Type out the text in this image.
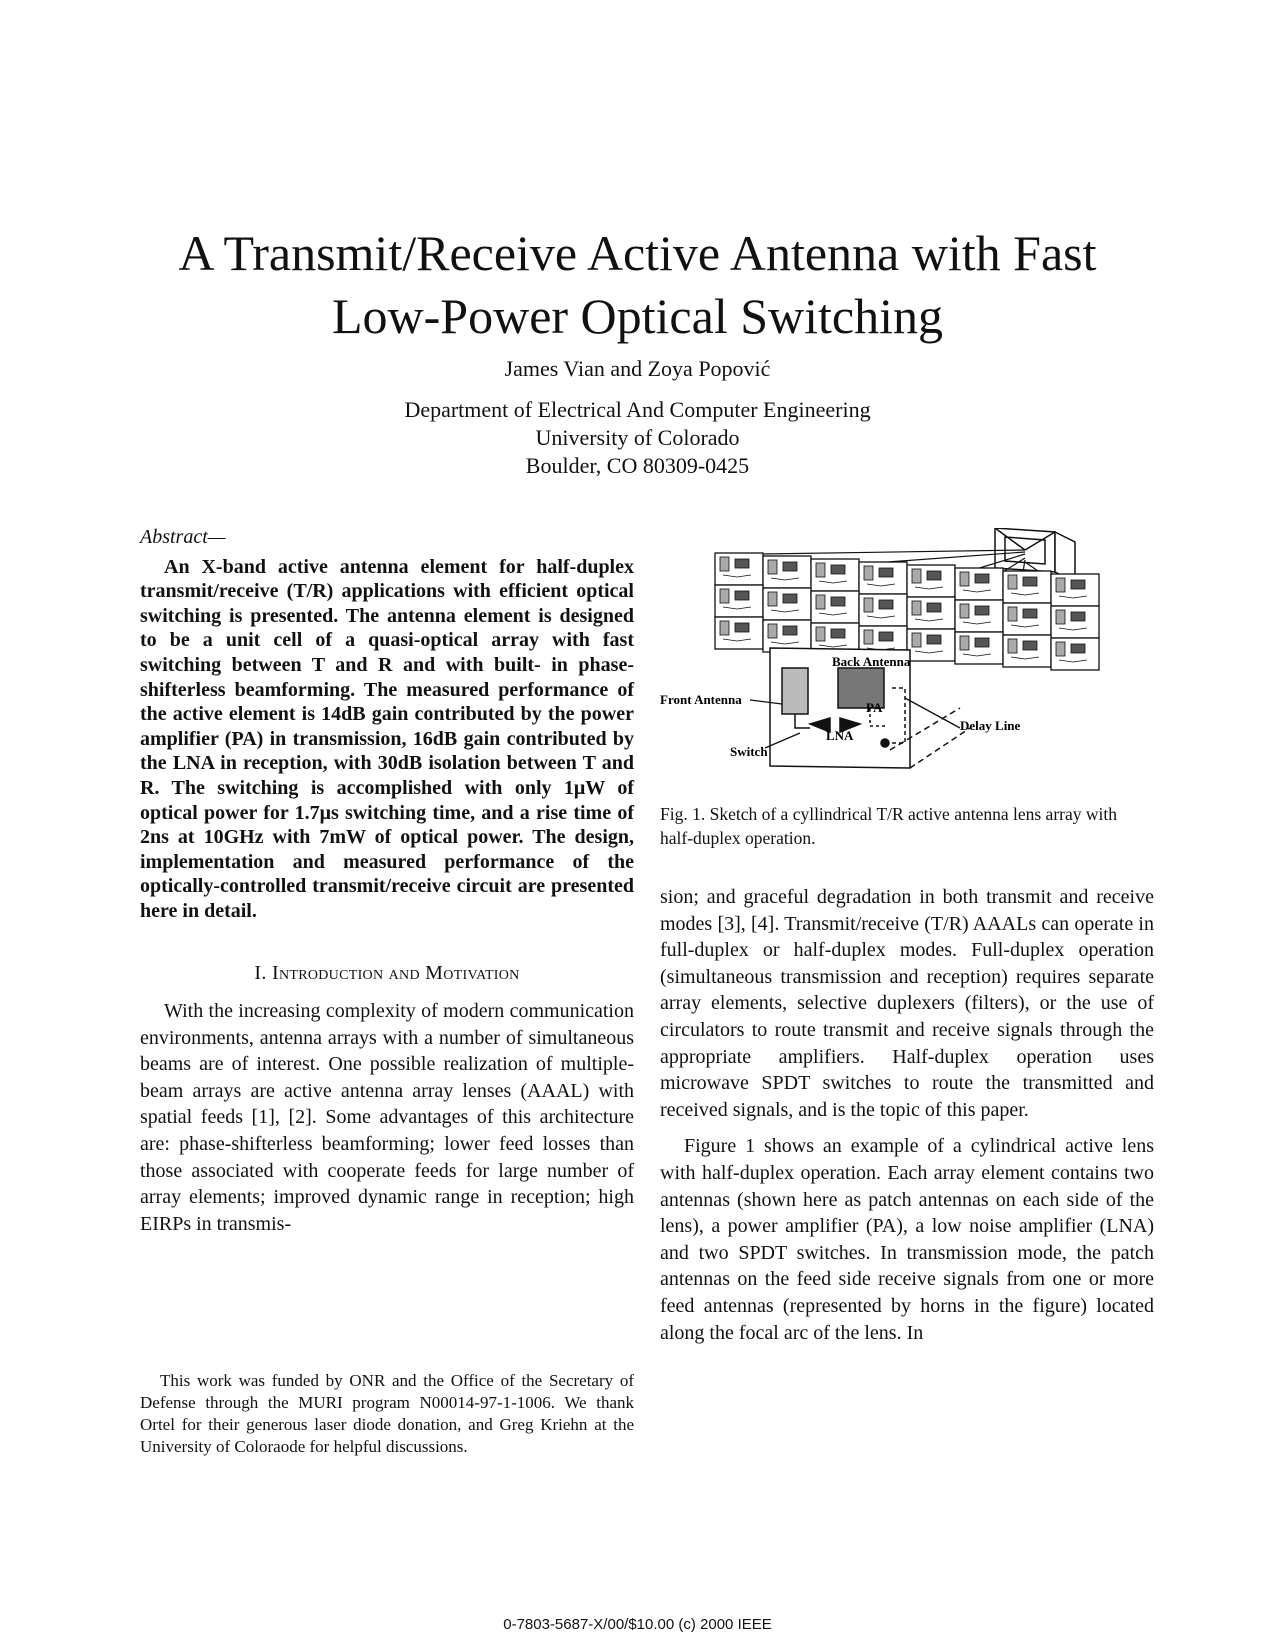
A Transmit/Receive Active Antenna with Fast
Low-Power Optical Switching
James Vian and Zoya Popović
Department of Electrical And Computer Engineering
University of Colorado
Boulder, CO 80309-0425

Abstract—

An X-band active antenna element for half-duplex transmit/receive (T/R) applications with efficient optical switching is presented. The antenna element is designed to be a unit cell of a quasi-optical array with fast switching between T and R and with built- in phase-shifterless beamforming. The measured performance of the active element is 14dB gain contributed by the power amplifier (PA) in transmission, 16dB gain contributed by the LNA in reception, with 30dB isolation between T and R. The switching is accomplished with only 1μW of optical power for 1.7μs switching time, and a rise time of 2ns at 10GHz with 7mW of optical power. The design, implementation and measured performance of the optically-controlled transmit/receive circuit are presented here in detail.

I. Introduction and Motivation

With the increasing complexity of modern communication environments, antenna arrays with a number of simultaneous beams are of interest. One possible realization of multiple-beam arrays are active antenna array lenses (AAAL) with spatial feeds [1], [2]. Some advantages of this architecture are: phase-shifterless beamforming; lower feed losses than those associated with cooperate feeds for large number of array elements; improved dynamic range in reception; high EIRPs in transmis-

This work was funded by ONR and the Office of the Secretary of Defense through the MURI program N00014-97-1-1006. We thank Ortel for their generous laser diode donation, and Greg Kriehn at the University of Coloraode for helpful discussions.
Back Antenna
Front Antenna
PA
LNA
Switch
Delay Line
Fig. 1. Sketch of a cyllindrical T/R active antenna lens array with half-duplex operation.

sion; and graceful degradation in both transmit and receive modes [3], [4]. Transmit/receive (T/R) AAALs can operate in full-duplex or half-duplex modes. Full-duplex operation (simultaneous transmission and reception) requires separate array elements, selective duplexers (filters), or the use of circulators to route transmit and receive signals through the appropriate amplifiers. Half-duplex operation uses microwave SPDT switches to route the transmitted and received signals, and is the topic of this paper.

Figure 1 shows an example of a cylindrical active lens with half-duplex operation. Each array element contains two antennas (shown here as patch antennas on each side of the lens), a power amplifier (PA), a low noise amplifier (LNA) and two SPDT switches. In transmission mode, the patch antennas on the feed side receive signals from one or more feed antennas (represented by horns in the figure) located along the focal arc of the lens. In

0-7803-5687-X/00/$10.00 (c) 2000 IEEE
